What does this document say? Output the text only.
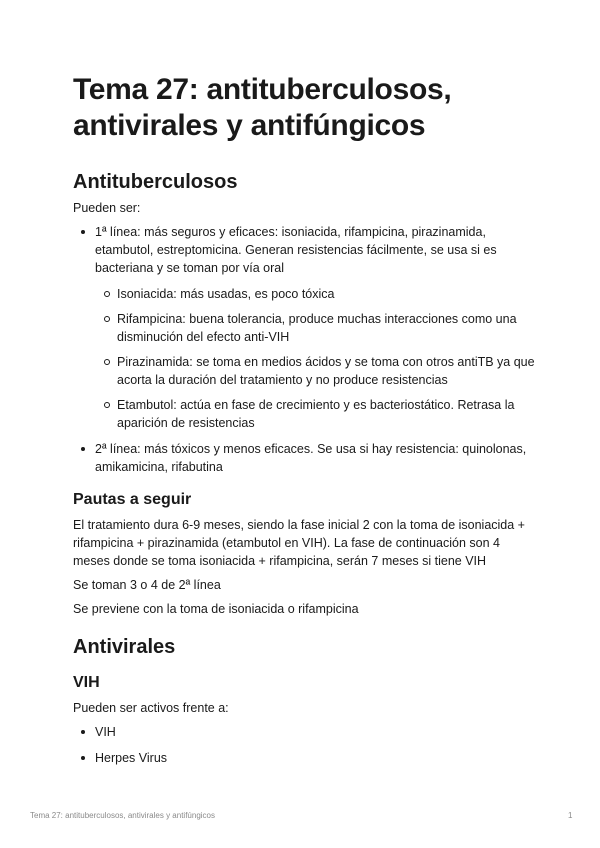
Tema 27: antituberculosos, antivirales y antifúngicos
Antituberculosos

Pueden ser:

1ª línea: más seguros y eficaces: isoniacida, rifampicina, pirazinamida, etambutol, estreptomicina. Generan resistencias fácilmente, se usa si es bacteriana y se toman por vía oral
Isoniacida: más usadas, es poco tóxica
Rifampicina: buena tolerancia, produce muchas interacciones como una disminución del efecto anti-VIH
Pirazinamida: se toma en medios ácidos y se toma con otros antiTB ya que acorta la duración del tratamiento y no produce resistencias
Etambutol: actúa en fase de crecimiento y es bacteriostático. Retrasa la aparición de resistencias
2ª línea: más tóxicos y menos eficaces. Se usa si hay resistencia: quinolonas, amikamicina, rifabutina
Pautas a seguir

El tratamiento dura 6-9 meses, siendo la fase inicial 2 con la toma de isoniacida + rifampicina + pirazinamida (etambutol en VIH). La fase de continuación son 4 meses donde se toma isoniacida + rifampicina, serán 7 meses si tiene VIH

Se toman 3 o 4 de 2ª línea

Se previene con la toma de isoniacida o rifampicina

Antivirales
VIH

Pueden ser activos frente a:

VIH
Herpes Virus
Tema 27: antituberculosos, antivirales y antifúngicos	1
